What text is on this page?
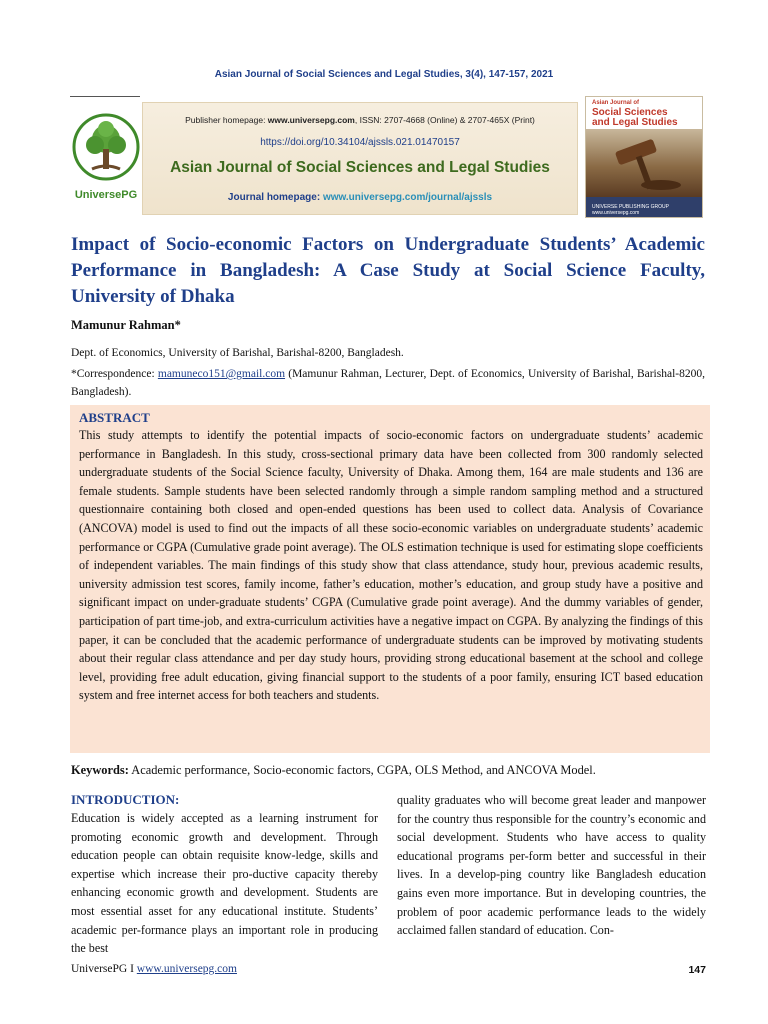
Asian Journal of Social Sciences and Legal Studies, 3(4), 147-157, 2021
UniversePG
Publisher homepage: www.universepg.com, ISSN: 2707-4668 (Online) & 2707-465X (Print)
https://doi.org/10.34104/ajssls.021.01470157
Asian Journal of Social Sciences and Legal Studies
Journal homepage: www.universepg.com/journal/ajssls
Asian Journal of
Social Sciences
and Legal Studies
UNIVERSE PUBLISHING GROUP www.universepg.com
Impact of Socio-economic Factors on Undergraduate Students’ Academic Performance in Bangladesh: A Case Study at Social Science Faculty, University of Dhaka
Mamunur Rahman*
Dept. of Economics, University of Barishal, Barishal-8200, Bangladesh.
*Correspondence: mamuneco151@gmail.com (Mamunur Rahman, Lecturer, Dept. of Economics, University of Barishal, Barishal-8200, Bangladesh).
ABSTRACT

This study attempts to identify the potential impacts of socio-economic factors on undergraduate students’ academic performance in Bangladesh. In this study, cross-sectional primary data have been collected from 300 randomly selected undergraduate students of the Social Science faculty, University of Dhaka. Among them, 164 are male students and 136 are female students. Sample students have been selected randomly through a simple random sampling method and a structured questionnaire containing both closed and open-ended questions has been used to collect data. Analysis of Covariance (ANCOVA) model is used to find out the impacts of all these socio-economic variables on undergraduate students’ academic performance or CGPA (Cumulative grade point average). The OLS estimation technique is used for estimating slope coefficients of independent variables. The main findings of this study show that class attendance, study hour, previous academic results, university admission test scores, family income, father’s education, mother’s education, and group study have a positive and significant impact on under-graduate students’ CGPA (Cumulative grade point average). And the dummy variables of gender, participation of part time-job, and extra-curriculum activities have a negative impact on CGPA. By analyzing the findings of this paper, it can be concluded that the academic performance of undergraduate students can be improved by motivating students about their regular class attendance and per day study hours, providing strong educational basement at the school and college level, providing free adult education, giving financial support to the students of a poor family, ensuring ICT based education system and free internet access for both teachers and students.

Keywords: Academic performance, Socio-economic factors, CGPA, OLS Method, and ANCOVA Model.
INTRODUCTION:

Education is widely accepted as a learning instrument for promoting economic growth and development. Through education people can obtain requisite know-ledge, skills and expertise which increase their pro-ductive capacity thereby enhancing economic growth and development. Students are most essential asset for any educational institute. Students’ academic per-formance plays an important role in producing the best

quality graduates who will become great leader and manpower for the country thus responsible for the country’s economic and social development. Students who have access to quality educational programs per-form better and successful in their lives. In a develop-ping country like Bangladesh education gains even more importance. But in developing countries, the problem of poor academic performance leads to the widely acclaimed fallen standard of education. Con-

UniversePG I www.universepg.com	147
